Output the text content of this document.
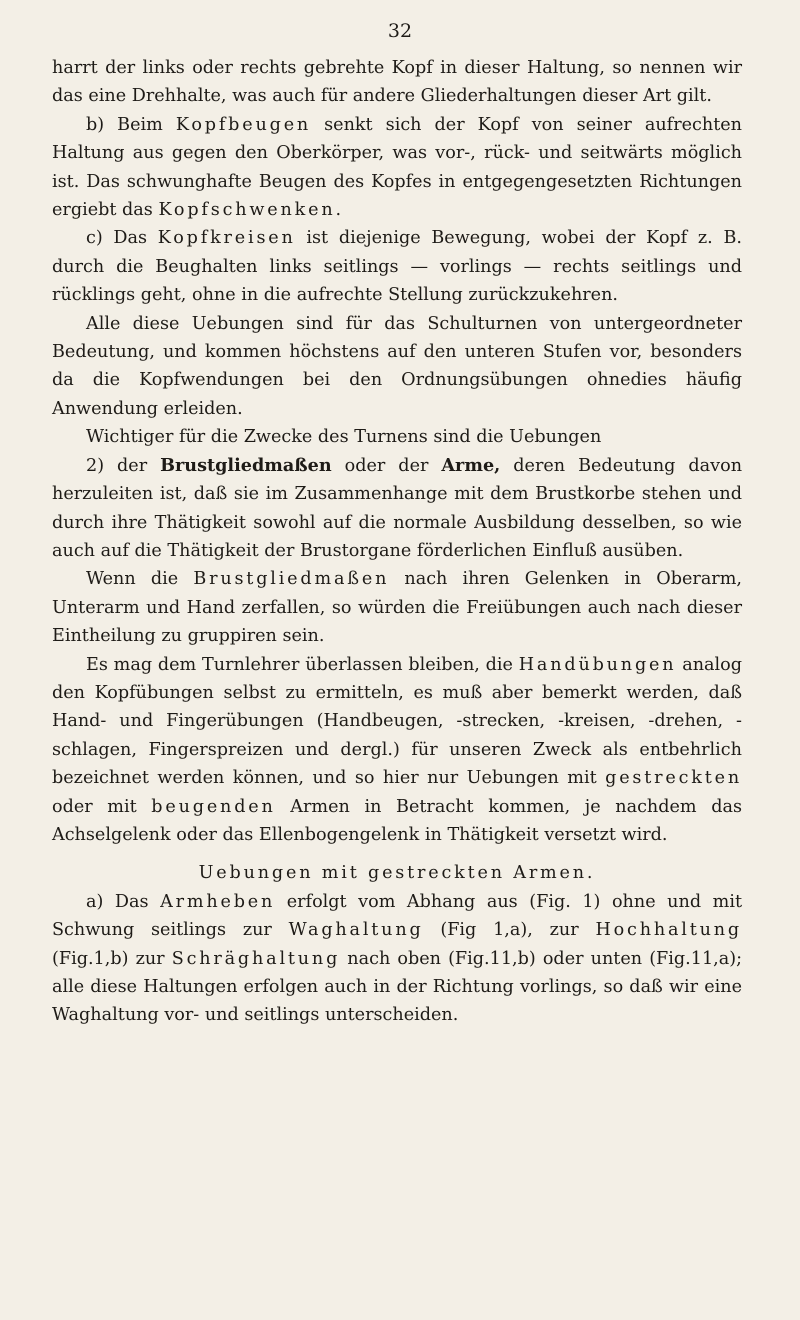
32

harrt der links oder rechts gebrehte Kopf in dieser Haltung, so nennen wir das eine Drehhalte, was auch für andere Gliederhaltungen dieser Art gilt.

b) Beim Kopfbeugen senkt sich der Kopf von seiner aufrechten Haltung aus gegen den Oberkörper, was vor-, rück- und seitwärts möglich ist. Das schwunghafte Beugen des Kopfes in entgegengesetzten Richtungen ergiebt das Kopfschwenken.

c) Das Kopfkreisen ist diejenige Bewegung, wobei der Kopf z. B. durch die Beughalten links seitlings — vorlings — rechts seitlings und rücklings geht, ohne in die aufrechte Stellung zurückzukehren.

Alle diese Uebungen sind für das Schulturnen von untergeordneter Bedeutung, und kommen höchstens auf den unteren Stufen vor, besonders da die Kopfwendungen bei den Ordnungsübungen ohnedies häufig Anwendung erleiden.

Wichtiger für die Zwecke des Turnens sind die Uebungen

2) der Brustgliedmaßen oder der Arme, deren Bedeutung davon herzuleiten ist, daß sie im Zusammenhange mit dem Brustkorbe stehen und durch ihre Thätigkeit sowohl auf die normale Ausbildung desselben, so wie auch auf die Thätigkeit der Brustorgane förderlichen Einfluß ausüben.

Wenn die Brustgliedmaßen nach ihren Gelenken in Oberarm, Unterarm und Hand zerfallen, so würden die Freiübungen auch nach dieser Eintheilung zu gruppiren sein.

Es mag dem Turnlehrer überlassen bleiben, die Handübungen analog den Kopfübungen selbst zu ermitteln, es muß aber bemerkt werden, daß Hand- und Fingerübungen (Handbeugen, -strecken, -kreisen, -drehen, -schlagen, Fingerspreizen und dergl.) für unseren Zweck als entbehrlich bezeichnet werden können, und so hier nur Uebungen mit gestreckten oder mit beugenden Armen in Betracht kommen, je nachdem das Achselgelenk oder das Ellenbogengelenk in Thätigkeit versetzt wird.

Uebungen mit gestreckten Armen.

a) Das Armheben erfolgt vom Abhang aus (Fig. 1) ohne und mit Schwung seitlings zur Waghaltung (Fig 1,a), zur Hochhaltung (Fig.1,b) zur Schräghaltung nach oben (Fig.11,b) oder unten (Fig.11,a); alle diese Haltungen erfolgen auch in der Richtung vorlings, so daß wir eine Waghaltung vor- und seitlings unterscheiden.
